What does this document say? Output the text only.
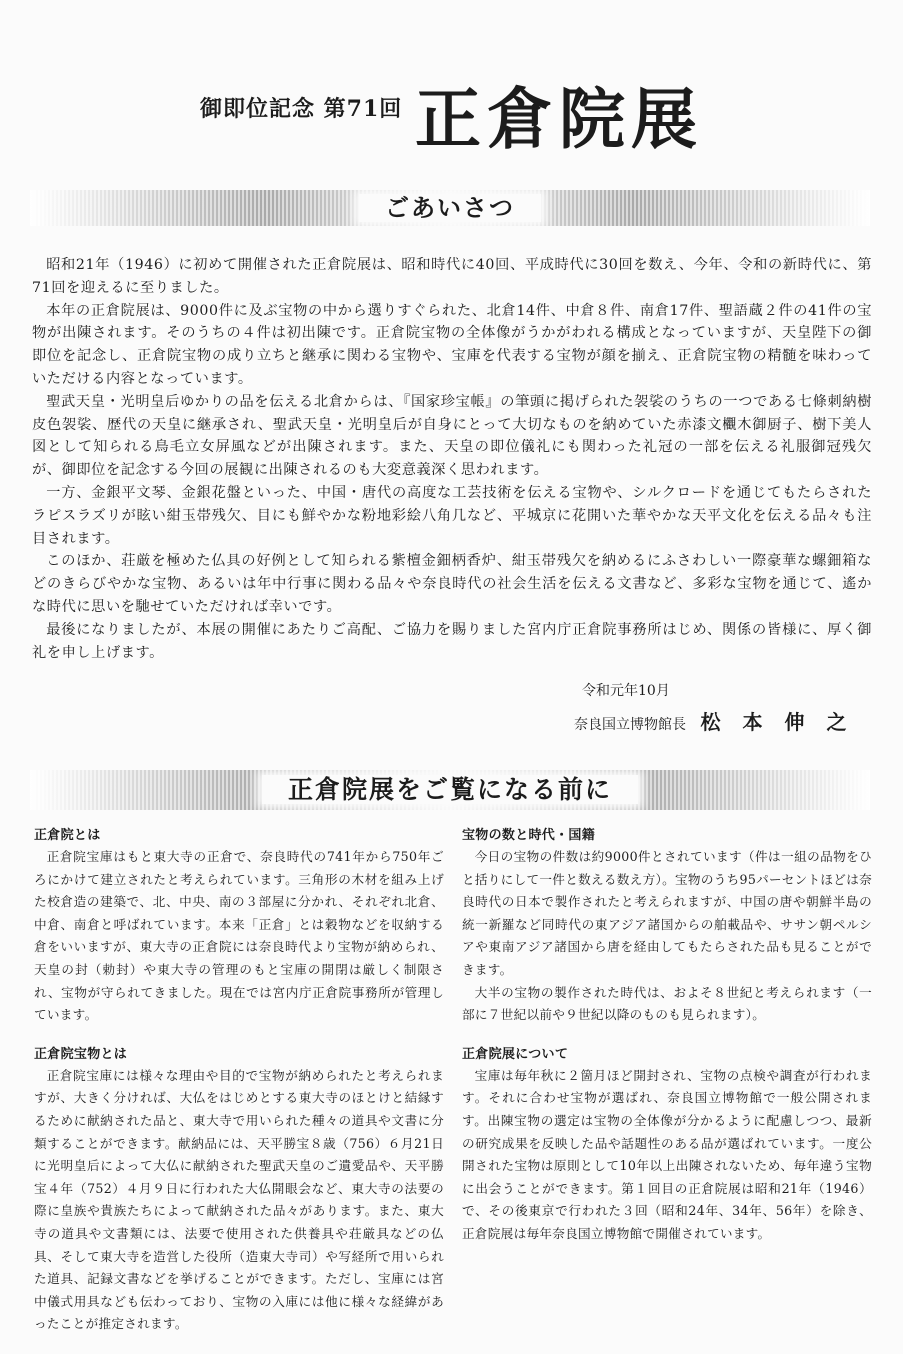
御即位記念 第71回 正倉院展
ごあいさつ

昭和21年（1946）に初めて開催された正倉院展は、昭和時代に40回、平成時代に30回を数え、今年、令和の新時代に、第71回を迎えるに至りました。

本年の正倉院展は、9000件に及ぶ宝物の中から選りすぐられた、北倉14件、中倉８件、南倉17件、聖語蔵２件の41件の宝物が出陳されます。そのうちの４件は初出陳です。正倉院宝物の全体像がうかがわれる構成となっていますが、天皇陛下の御即位を記念し、正倉院宝物の成り立ちと継承に関わる宝物や、宝庫を代表する宝物が顔を揃え、正倉院宝物の精髄を味わっていただける内容となっています。

聖武天皇・光明皇后ゆかりの品を伝える北倉からは、『国家珍宝帳』の筆頭に掲げられた袈裟のうちの一つである七條刺納樹皮色袈裟、歴代の天皇に継承され、聖武天皇・光明皇后が自身にとって大切なものを納めていた赤漆文欟木御厨子、樹下美人図として知られる鳥毛立女屏風などが出陳されます。また、天皇の即位儀礼にも関わった礼冠の一部を伝える礼服御冠残欠が、御即位を記念する今回の展観に出陳されるのも大変意義深く思われます。

一方、金銀平文琴、金銀花盤といった、中国・唐代の高度な工芸技術を伝える宝物や、シルクロードを通じてもたらされたラピスラズリが眩い紺玉帯残欠、目にも鮮やかな粉地彩絵八角几など、平城京に花開いた華やかな天平文化を伝える品々も注目されます。

このほか、荘厳を極めた仏具の好例として知られる紫檀金鈿柄香炉、紺玉帯残欠を納めるにふさわしい一際豪華な螺鈿箱などのきらびやかな宝物、あるいは年中行事に関わる品々や奈良時代の社会生活を伝える文書など、多彩な宝物を通じて、遙かな時代に思いを馳せていただければ幸いです。

最後になりましたが、本展の開催にあたりご高配、ご協力を賜りました宮内庁正倉院事務所はじめ、関係の皆様に、厚く御礼を申し上げます。

令和元年10月
奈良国立博物館長 松本伸之
正倉院展をご覧になる前に
正倉院とは

正倉院宝庫はもと東大寺の正倉で、奈良時代の741年から750年ごろにかけて建立されたと考えられています。三角形の木材を組み上げた校倉造の建築で、北、中央、南の３部屋に分かれ、それぞれ北倉、中倉、南倉と呼ばれています。本来「正倉」とは穀物などを収納する倉をいいますが、東大寺の正倉院には奈良時代より宝物が納められ、天皇の封（勅封）や東大寺の管理のもと宝庫の開閉は厳しく制限され、宝物が守られてきました。現在では宮内庁正倉院事務所が管理しています。

正倉院宝物とは

正倉院宝庫には様々な理由や目的で宝物が納められたと考えられますが、大きく分ければ、大仏をはじめとする東大寺のほとけと結縁するために献納された品と、東大寺で用いられた種々の道具や文書に分類することができます。献納品には、天平勝宝８歳（756）６月21日に光明皇后によって大仏に献納された聖武天皇のご遺愛品や、天平勝宝４年（752）４月９日に行われた大仏開眼会など、東大寺の法要の際に皇族や貴族たちによって献納された品々があります。また、東大寺の道具や文書類には、法要で使用された供養具や荘厳具などの仏具、そして東大寺を造営した役所（造東大寺司）や写経所で用いられた道具、記録文書などを挙げることができます。ただし、宝庫には宮中儀式用具なども伝わっており、宝物の入庫には他に様々な経緯があったことが推定されます。

宝物の数と時代・国籍

今日の宝物の件数は約9000件とされています（件は一組の品物をひと括りにして一件と数える数え方）。宝物のうち95パーセントほどは奈良時代の日本で製作されたと考えられますが、中国の唐や朝鮮半島の統一新羅など同時代の東アジア諸国からの舶載品や、ササン朝ペルシアや東南アジア諸国から唐を経由してもたらされた品も見ることができます。

大半の宝物の製作された時代は、およそ８世紀と考えられます（一部に７世紀以前や９世紀以降のものも見られます）。

正倉院展について

宝庫は毎年秋に２箇月ほど開封され、宝物の点検や調査が行われます。それに合わせ宝物が選ばれ、奈良国立博物館で一般公開されます。出陳宝物の選定は宝物の全体像が分かるように配慮しつつ、最新の研究成果を反映した品や話題性のある品が選ばれています。一度公開された宝物は原則として10年以上出陳されないため、毎年違う宝物に出会うことができます。第１回目の正倉院展は昭和21年（1946）で、その後東京で行われた３回（昭和24年、34年、56年）を除き、正倉院展は毎年奈良国立博物館で開催されています。
